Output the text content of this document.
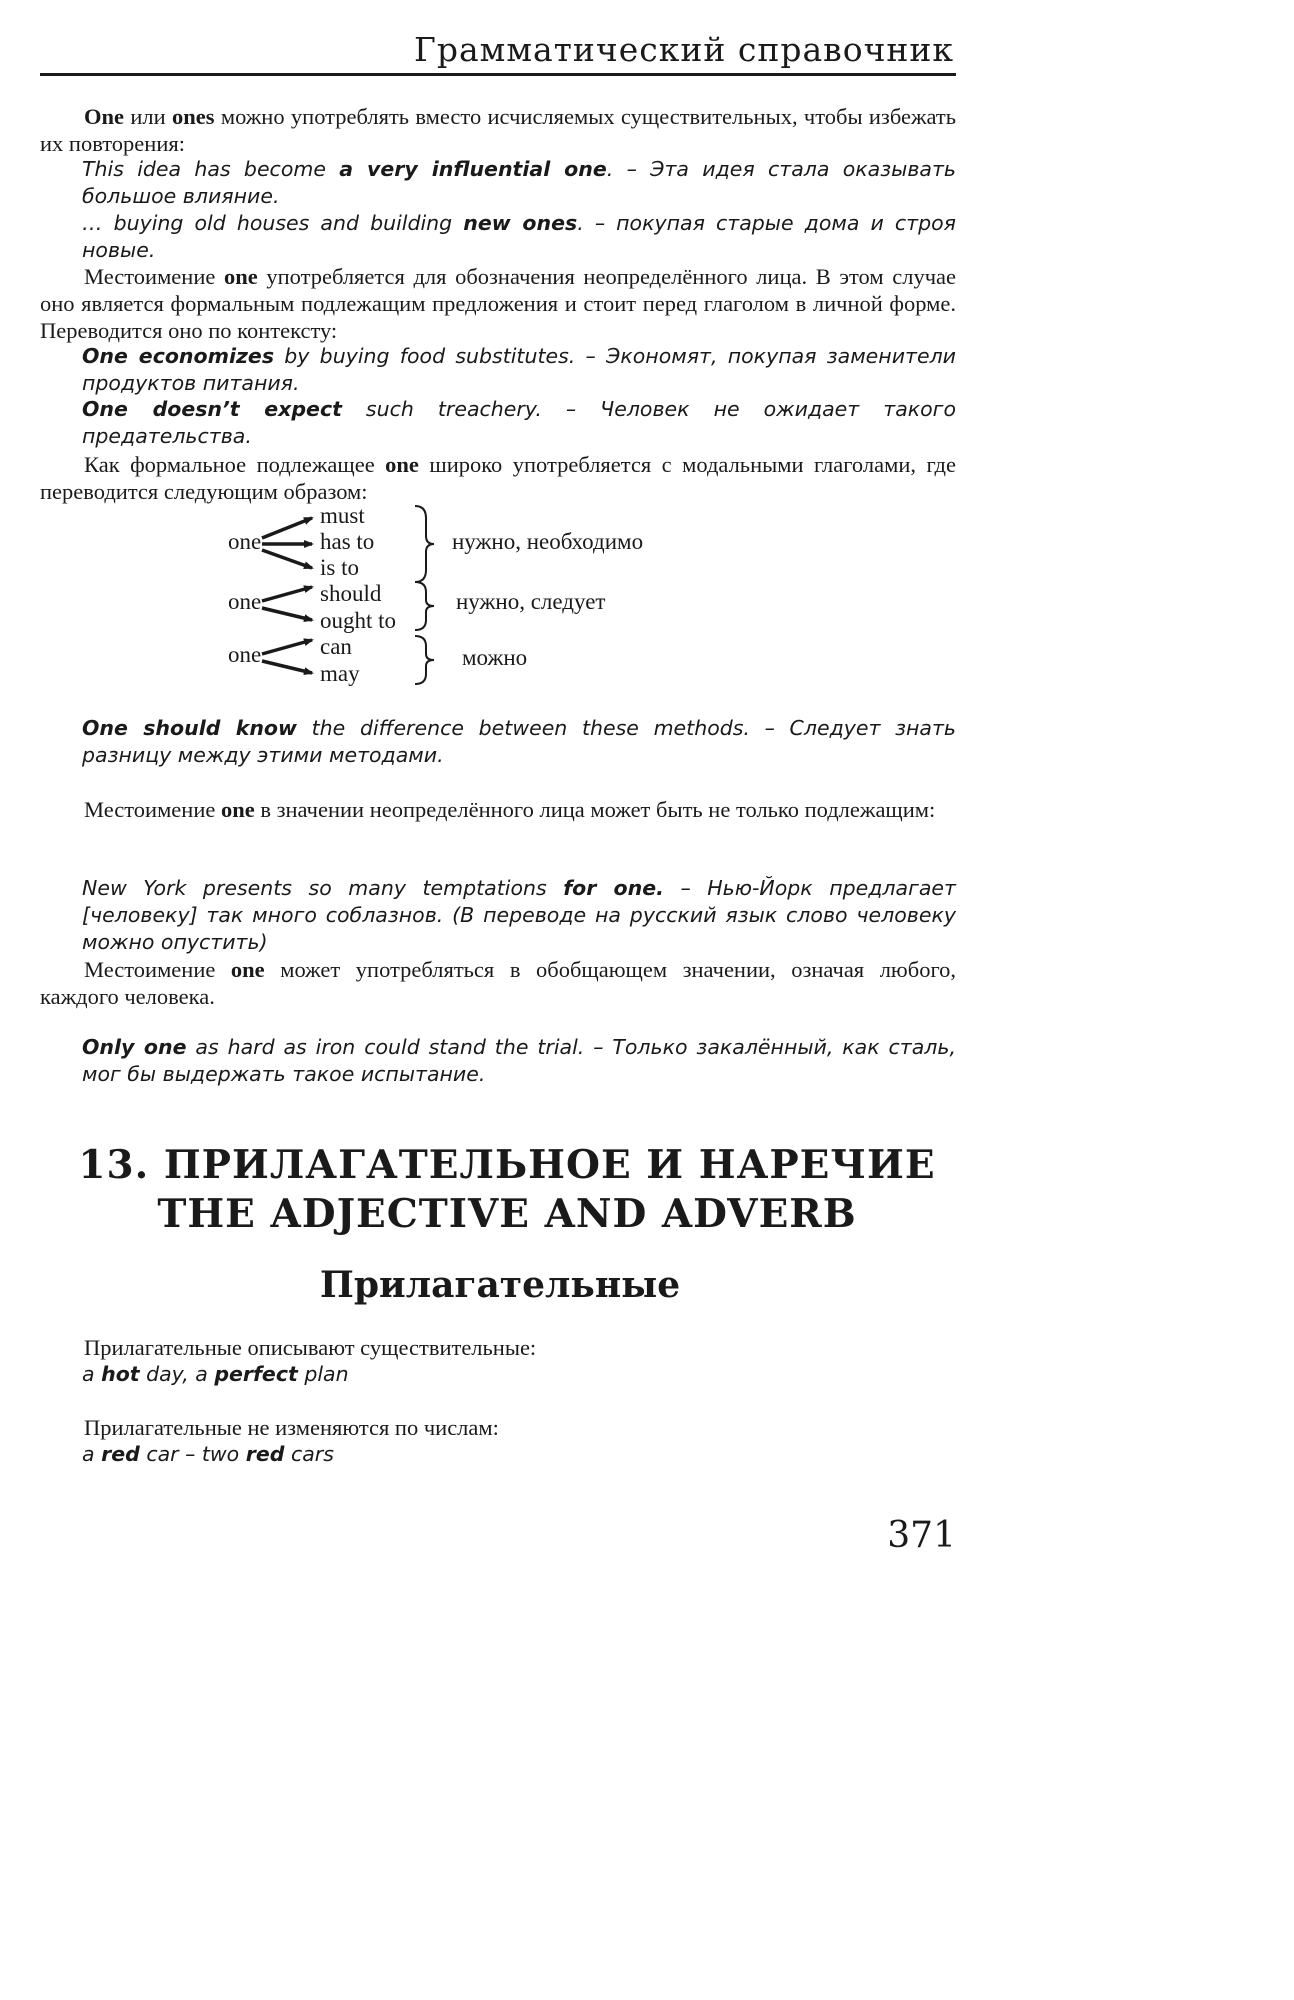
Грамматический справочник
One или ones можно употреблять вместо исчисляемых существительных, чтобы избежать их повторения:
This idea has become a very influential one. – Эта идея стала оказывать большое влияние.
… buying old houses and building new ones. – покупая старые дома и строя новые.
Местоимение one употребляется для обозначения неопределённого лица. В этом случае оно является формальным подлежащим предложения и стоит перед глаголом в личной форме. Переводится оно по контексту:
One economizes by buying food substitutes. – Экономят, покупая заменители продуктов питания.
One doesn’t expect such treachery. – Человек не ожидает такого предательства.
Как формальное подлежащее one широко употребляется с модальными глаголами, где переводится следующим образом:
one
must
has to
is to
нужно, необходимо
one	should
ought to
нужно, следует
one	can
may
можно
One should know the difference between these methods. – Следует знать разницу между этими методами.
Местоимение one в значении неопределённого лица может быть не только подлежащим:
New York presents so many temptations for one. – Нью-Йорк предлагает [человеку] так много соблазнов. (В переводе на русский язык слово человеку можно опустить)
Местоимение one может употребляться в обобщающем значении, означая любого, каждого человека.
Only one as hard as iron could stand the trial. – Только закалённый, как сталь, мог бы выдержать такое испытание.
13. ПРИЛАГАТЕЛЬНОЕ И НАРЕЧИЕ
THE ADJECTIVE AND ADVERB
Прилагательные
Прилагательные описывают существительные:
a hot day, a perfect plan
Прилагательные не изменяются по числам:
a red car – two red cars
371
